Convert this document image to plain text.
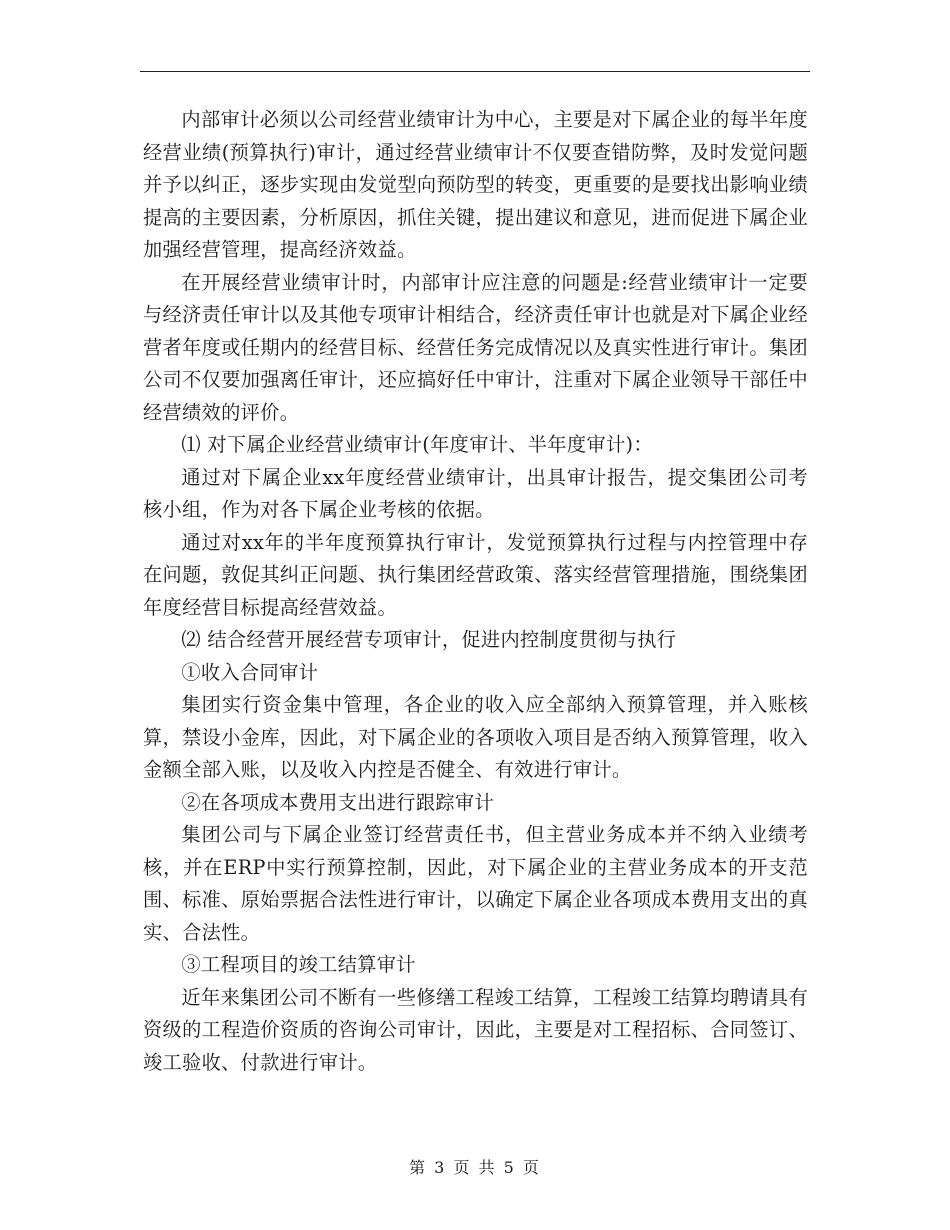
内部审计必须以公司经营业绩审计为中心，主要是对下属企业的每半年度经营业绩(预算执行)审计，通过经营业绩审计不仅要查错防弊，及时发觉问题并予以纠正，逐步实现由发觉型向预防型的转变，更重要的是要找出影响业绩提高的主要因素，分析原因，抓住关键，提出建议和意见，进而促进下属企业加强经营管理，提高经济效益。

在开展经营业绩审计时，内部审计应注意的问题是:经营业绩审计一定要与经济责任审计以及其他专项审计相结合，经济责任审计也就是对下属企业经营者年度或任期内的经营目标、经营任务完成情况以及真实性进行审计。集团公司不仅要加强离任审计，还应搞好任中审计，注重对下属企业领导干部任中经营绩效的评价。

⑴ 对下属企业经营业绩审计(年度审计、半年度审计)：

通过对下属企业xx年度经营业绩审计，出具审计报告，提交集团公司考核小组，作为对各下属企业考核的依据。

通过对xx年的半年度预算执行审计，发觉预算执行过程与内控管理中存在问题，敦促其纠正问题、执行集团经营政策、落实经营管理措施，围绕集团年度经营目标提高经营效益。

⑵ 结合经营开展经营专项审计，促进内控制度贯彻与执行

①收入合同审计

集团实行资金集中管理，各企业的收入应全部纳入预算管理，并入账核算，禁设小金库，因此，对下属企业的各项收入项目是否纳入预算管理，收入金额全部入账，以及收入内控是否健全、有效进行审计。

②在各项成本费用支出进行跟踪审计

集团公司与下属企业签订经营责任书，但主营业务成本并不纳入业绩考核，并在ERP中实行预算控制，因此，对下属企业的主营业务成本的开支范围、标准、原始票据合法性进行审计，以确定下属企业各项成本费用支出的真实、合法性。

③工程项目的竣工结算审计

近年来集团公司不断有一些修缮工程竣工结算，工程竣工结算均聘请具有资级的工程造价资质的咨询公司审计，因此，主要是对工程招标、合同签订、竣工验收、付款进行审计。

第 3 页 共 5 页
